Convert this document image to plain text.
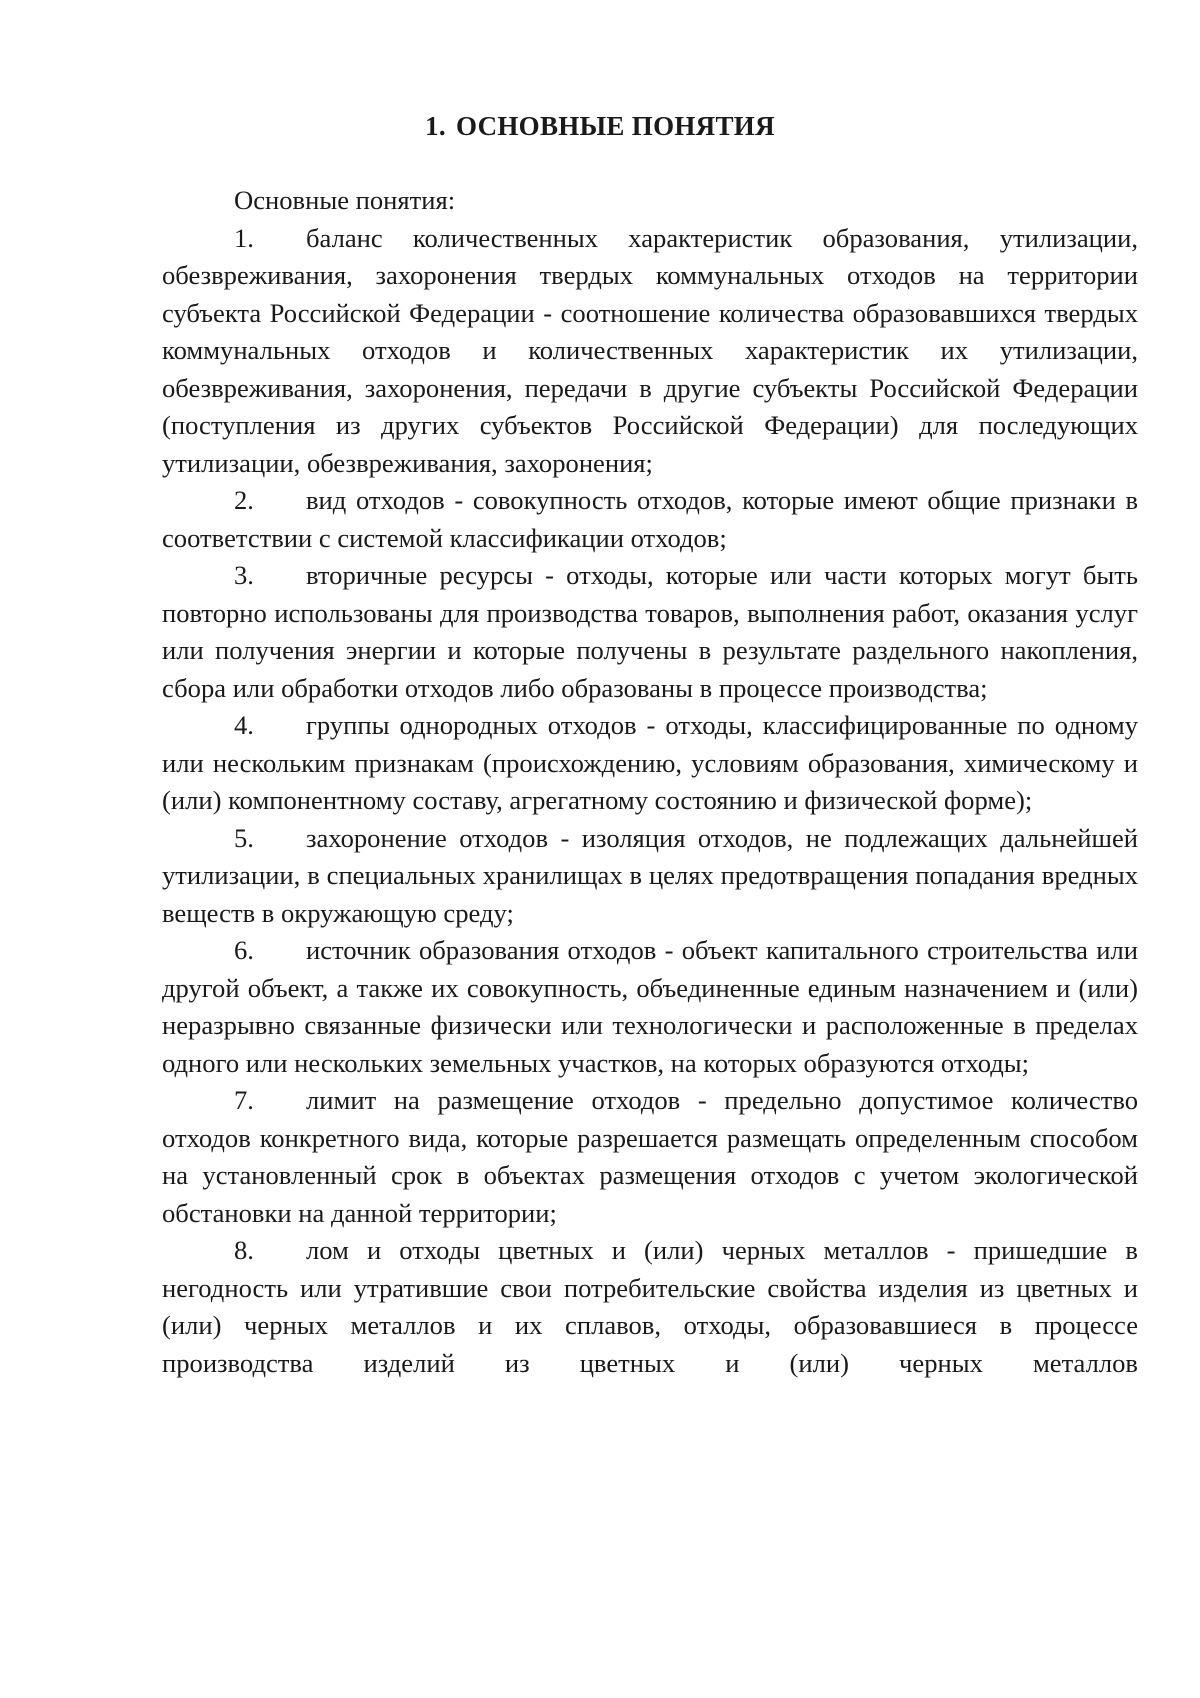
1. ОСНОВНЫЕ ПОНЯТИЯ

Основные понятия:

1. баланс количественных характеристик образования, утилизации, обезвреживания, захоронения твердых коммунальных отходов на территории субъекта Российской Федерации - соотношение количества образовавшихся твердых коммунальных отходов и количественных характеристик их утилизации, обезвреживания, захоронения, передачи в другие субъекты Российской Федерации (поступления из других субъектов Российской Федерации) для последующих утилизации, обезвреживания, захоронения;

2. вид отходов - совокупность отходов, которые имеют общие признаки в соответствии с системой классификации отходов;

3. вторичные ресурсы - отходы, которые или части которых могут быть повторно использованы для производства товаров, выполнения работ, оказания услуг или получения энергии и которые получены в результате раздельного накопления, сбора или обработки отходов либо образованы в процессе производства;

4. группы однородных отходов - отходы, классифицированные по одному или нескольким признакам (происхождению, условиям образования, химическому и (или) компонентному составу, агрегатному состоянию и физической форме);

5. захоронение отходов - изоляция отходов, не подлежащих дальнейшей утилизации, в специальных хранилищах в целях предотвращения попадания вредных веществ в окружающую среду;

6. источник образования отходов - объект капитального строительства или другой объект, а также их совокупность, объединенные единым назначением и (или) неразрывно связанные физически или технологически и расположенные в пределах одного или нескольких земельных участков, на которых образуются отходы;

7. лимит на размещение отходов - предельно допустимое количество отходов конкретного вида, которые разрешается размещать определенным способом на установленный срок в объектах размещения отходов с учетом экологической обстановки на данной территории;

8. лом и отходы цветных и (или) черных металлов - пришедшие в негодность или утратившие свои потребительские свойства изделия из цветных и (или) черных металлов и их сплавов, отходы, образовавшиеся в процессе производства изделий из цветных и (или) черных металлов
